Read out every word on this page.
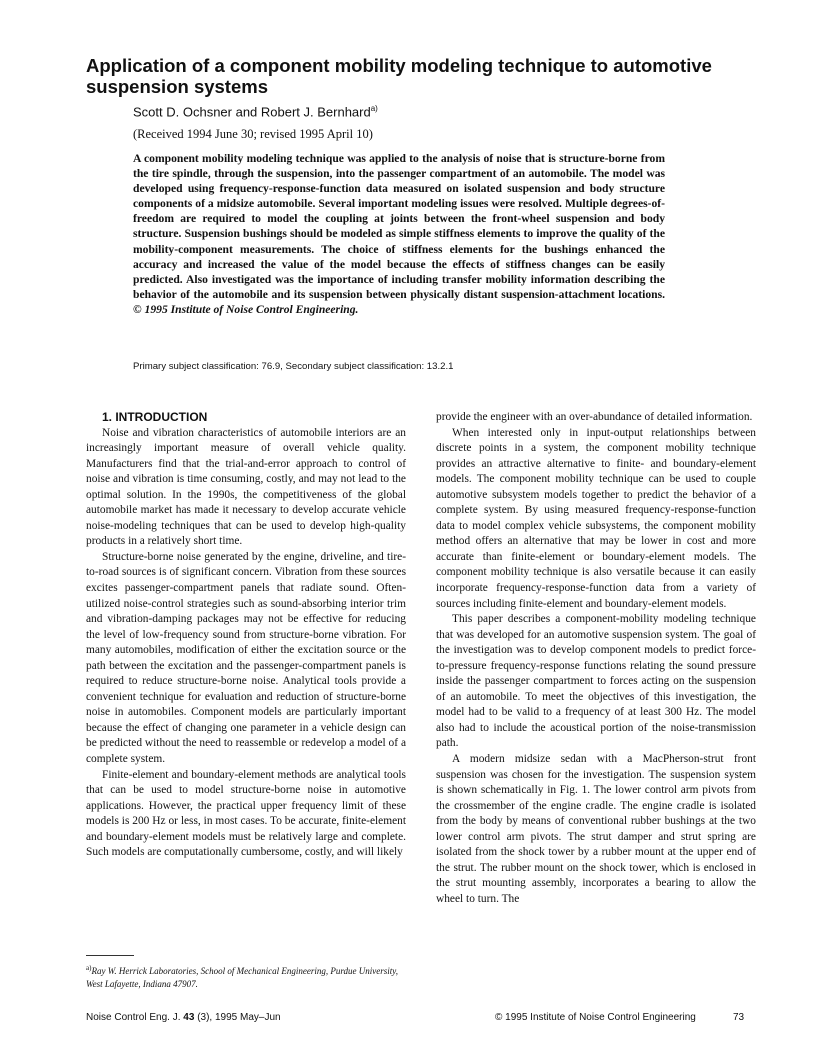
Application of a component mobility modeling technique to automotive suspension systems
Scott D. Ochsner and Robert J. Bernhard$^{a)}$
(Received 1994 June 30; revised 1995 April 10)

A component mobility modeling technique was applied to the analysis of noise that is structure-borne from the tire spindle, through the suspension, into the passenger compartment of an automobile. The model was developed using frequency-response-function data measured on isolated suspension and body structure components of a midsize automobile. Several important modeling issues were resolved. Multiple degrees-of-freedom are required to model the coupling at joints between the front-wheel suspension and body structure. Suspension bushings should be modeled as simple stiffness elements to improve the quality of the mobility-component measurements. The choice of stiffness elements for the bushings enhanced the accuracy and increased the value of the model because the effects of stiffness changes can be easily predicted. Also investigated was the importance of including transfer mobility information describing the behavior of the automobile and its suspension between physically distant suspension-attachment locations. © 1995 Institute of Noise Control Engineering.

Primary subject classification: 76.9, Secondary subject classification: 13.2.1

1. INTRODUCTION

Noise and vibration characteristics of automobile interiors are an increasingly important measure of overall vehicle quality. Manufacturers find that the trial-and-error approach to control of noise and vibration is time consuming, costly, and may not lead to the optimal solution. In the 1990s, the competitiveness of the global automobile market has made it necessary to develop accurate vehicle noise-modeling techniques that can be used to develop high-quality products in a relatively short time.

Structure-borne noise generated by the engine, driveline, and tire-to-road sources is of significant concern. Vibration from these sources excites passenger-compartment panels that radiate sound. Often-utilized noise-control strategies such as sound-absorbing interior trim and vibration-damping packages may not be effective for reducing the level of low-frequency sound from structure-borne vibration. For many automobiles, modification of either the excitation source or the path between the excitation and the passenger-compartment panels is required to reduce structure-borne noise. Analytical tools provide a convenient technique for evaluation and reduction of structure-borne noise in automobiles. Component models are particularly important because the effect of changing one parameter in a vehicle design can be predicted without the need to reassemble or redevelop a model of a complete system.

Finite-element and boundary-element methods are analytical tools that can be used to model structure-borne noise in automotive applications. However, the practical upper frequency limit of these models is 200 Hz or less, in most cases. To be accurate, finite-element and boundary-element models must be relatively large and complete. Such models are computationally cumbersome, costly, and will likely

provide the engineer with an over-abundance of detailed information.

When interested only in input-output relationships between discrete points in a system, the component mobility technique provides an attractive alternative to finite- and boundary-element models. The component mobility technique can be used to couple automotive subsystem models together to predict the behavior of a complete system. By using measured frequency-response-function data to model complex vehicle subsystems, the component mobility method offers an alternative that may be lower in cost and more accurate than finite-element or boundary-element models. The component mobility technique is also versatile because it can easily incorporate frequency-response-function data from a variety of sources including finite-element and boundary-element models.

This paper describes a component-mobility modeling technique that was developed for an automotive suspension system. The goal of the investigation was to develop component models to predict force-to-pressure frequency-response functions relating the sound pressure inside the passenger compartment to forces acting on the suspension of an automobile. To meet the objectives of this investigation, the model had to be valid to a frequency of at least 300 Hz. The model also had to include the acoustical portion of the noise-transmission path.

A modern midsize sedan with a MacPherson-strut front suspension was chosen for the investigation. The suspension system is shown schematically in Fig. 1. The lower control arm pivots from the crossmember of the engine cradle. The engine cradle is isolated from the body by means of conventional rubber bushings at the two lower control arm pivots. The strut damper and strut spring are isolated from the shock tower by a rubber mount at the upper end of the strut. The rubber mount on the shock tower, which is enclosed in the strut mounting assembly, incorporates a bearing to allow the wheel to turn. The

$^{a)}$Ray W. Herrick Laboratories, School of Mechanical Engineering, Purdue University, West Lafayette, Indiana 47907.
Noise Control Eng. J. 43 (3), 1995 May–Jun	© 1995 Institute of Noise Control Engineering	73
